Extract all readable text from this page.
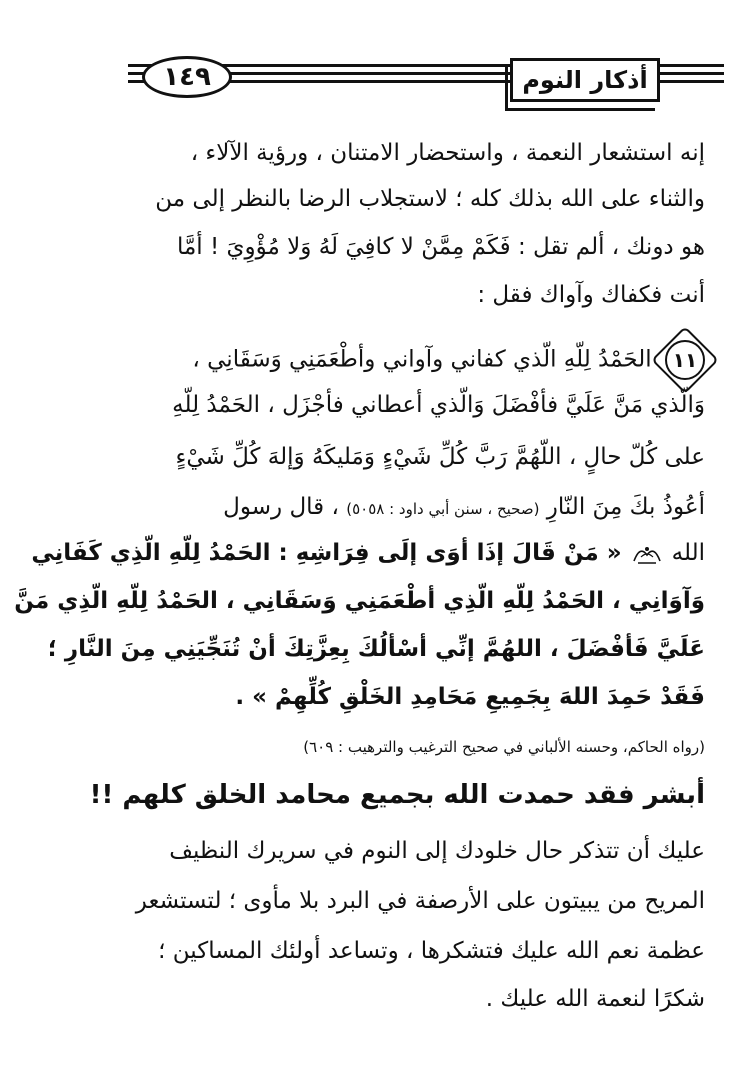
١٤٩	أذكار النوم
إنه استشعار النعمة ، واستحضار الامتنان ، ورؤية الآلاء ،
والثناء على الله بذلك كله ؛ لاستجلاب الرضا بالنظر إلى من
هو دونك ، ألم تقل : فَكَمْ مِمَّنْ لا كافِيَ لَهُ وَلا مُؤْوِيَ ! أمَّا
أنت فكفاك وآواك فقل :
١١ الحَمْدُ لِلّهِ الّذي كفاني وآواني وأطْعَمَنِي وَسَقَانِي ،
وَالّذي مَنَّ عَلَيَّ فأفْضَلَ وَالّذي أعطاني فأجْزَل ، الحَمْدُ لِلّهِ
على كُلّ حالٍ ، اللّهُمَّ رَبَّ كُلِّ شَيْءٍ وَمَليكَهُ وَإلهَ كُلِّ شَيْءٍ
أعُوذُ بكَ مِنَ النّارِ (صحيح ، سنن أبي داود : ٥٠٥٨) ، قال رسول
الله
« مَنْ قَالَ إذَا أوَى إلَى فِرَاشِهِ : الحَمْدُ لِلّهِ الّذِي كَفَانِي
وَآوَانِي ، الحَمْدُ لِلّهِ الّذِي أطْعَمَنِي وَسَقَانِي ، الحَمْدُ لِلّهِ الّذِي مَنَّ
عَلَيَّ فَأفْضَلَ ، اللهُمَّ إنِّي أسْألُكَ بِعِزَّتِكَ أنْ تُنَجِّيَنِي مِنَ النَّارِ ؛
فَقَدْ حَمِدَ اللهَ بِجَمِيعِ مَحَامِدِ الخَلْقِ كُلِّهِمْ » .
(رواه الحاكم، وحسنه الألباني في صحيح الترغيب والترهيب : ٦٠٩)
أبشر فقد حمدت الله بجميع محامد الخلق كلهم !!
عليك أن تتذكر حال خلودك إلى النوم في سريرك النظيف
المريح من يبيتون على الأرصفة في البرد بلا مأوى ؛ لتستشعر
عظمة نعم الله عليك فتشكرها ، وتساعد أولئك المساكين ؛
شكرًا لنعمة الله عليك .
